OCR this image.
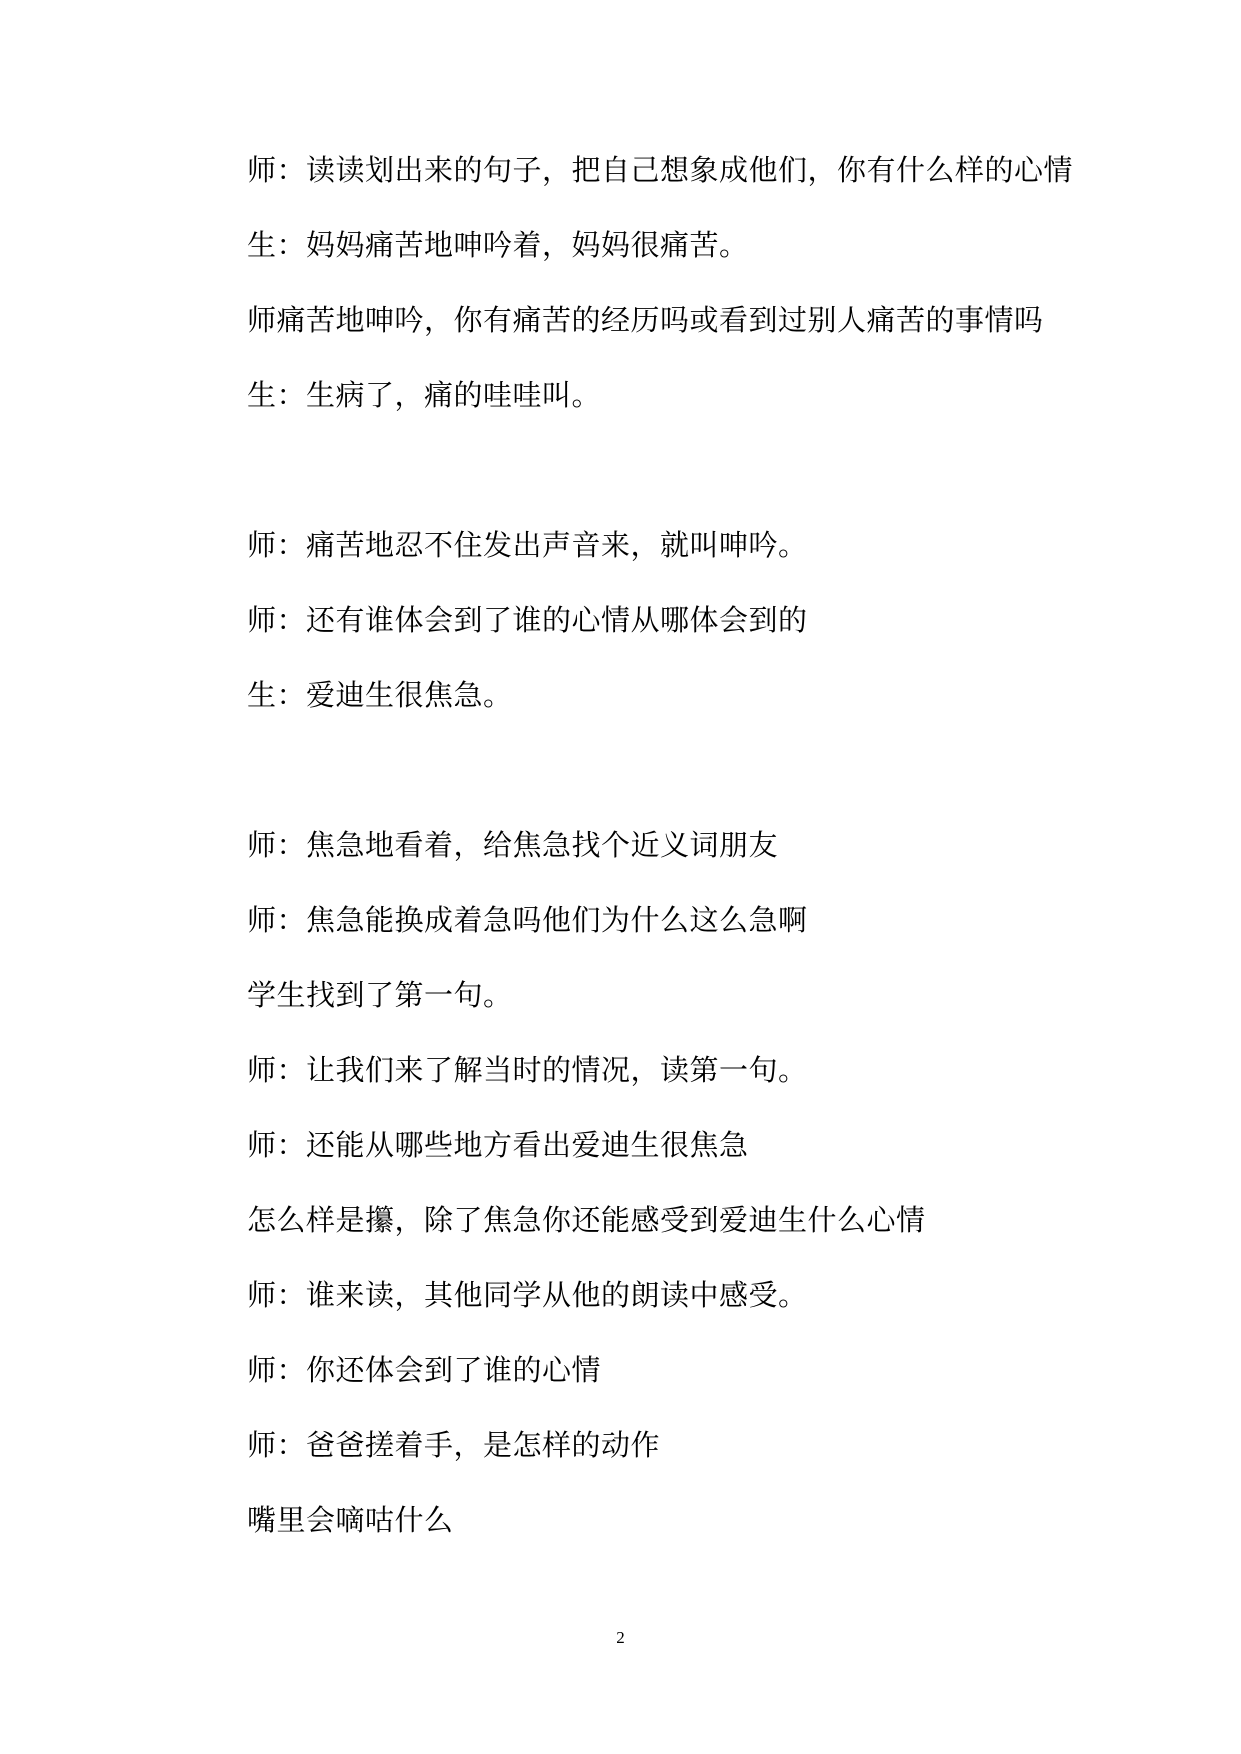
师：读读划出来的句子，把自己想象成他们，你有什么样的心情
生：妈妈痛苦地呻吟着，妈妈很痛苦。
师痛苦地呻吟，你有痛苦的经历吗或看到过别人痛苦的事情吗
生：生病了，痛的哇哇叫。
师：痛苦地忍不住发出声音来，就叫呻吟。
师：还有谁体会到了谁的心情从哪体会到的
生：爱迪生很焦急。
师：焦急地看着，给焦急找个近义词朋友
师：焦急能换成着急吗他们为什么这么急啊
学生找到了第一句。
师：让我们来了解当时的情况，读第一句。
师：还能从哪些地方看出爱迪生很焦急
怎么样是攥，除了焦急你还能感受到爱迪生什么心情
师：谁来读，其他同学从他的朗读中感受。
师：你还体会到了谁的心情
师：爸爸搓着手，是怎样的动作
嘴里会嘀咕什么
2
